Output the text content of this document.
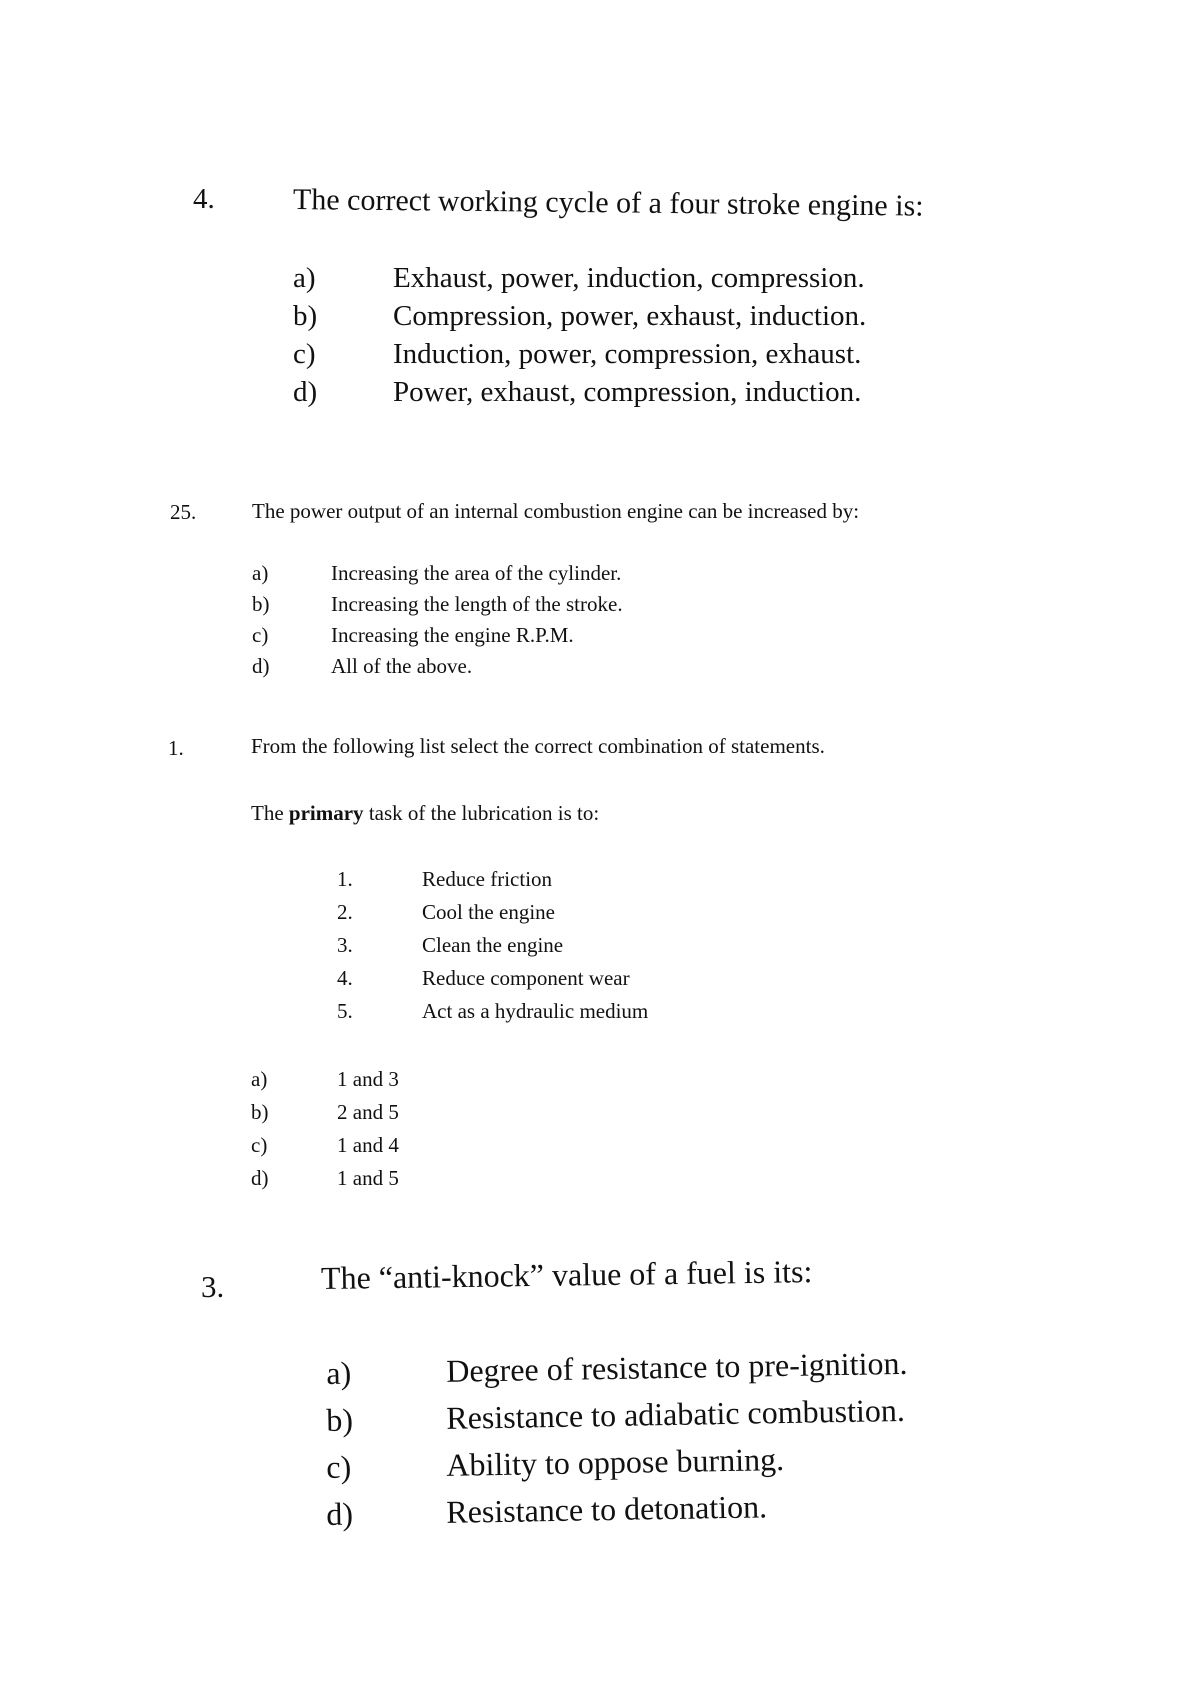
4.	The correct working cycle of a four stroke engine is:
a)	Exhaust, power, induction, compression.
b)	Compression, power, exhaust, induction.
c)	Induction, power, compression, exhaust.
d)	Power, exhaust, compression, induction.
25.	The power output of an internal combustion engine can be increased by:
a)	Increasing the area of the cylinder.
b)	Increasing the length of the stroke.
c)	Increasing the engine R.P.M.
d)	All of the above.
1.	From the following list select the correct combination of statements.
The primary task of the lubrication is to:
1.	Reduce friction
2.	Cool the engine
3.	Clean the engine
4.	Reduce component wear
5.	Act as a hydraulic medium
a)	1 and 3
b)	2 and 5
c)	1 and 4
d)	1 and 5
3.	The “anti-knock” value of a fuel is its:
a)	Degree of resistance to pre-ignition.
b)	Resistance to adiabatic combustion.
c)	Ability to oppose burning.
d)	Resistance to detonation.
